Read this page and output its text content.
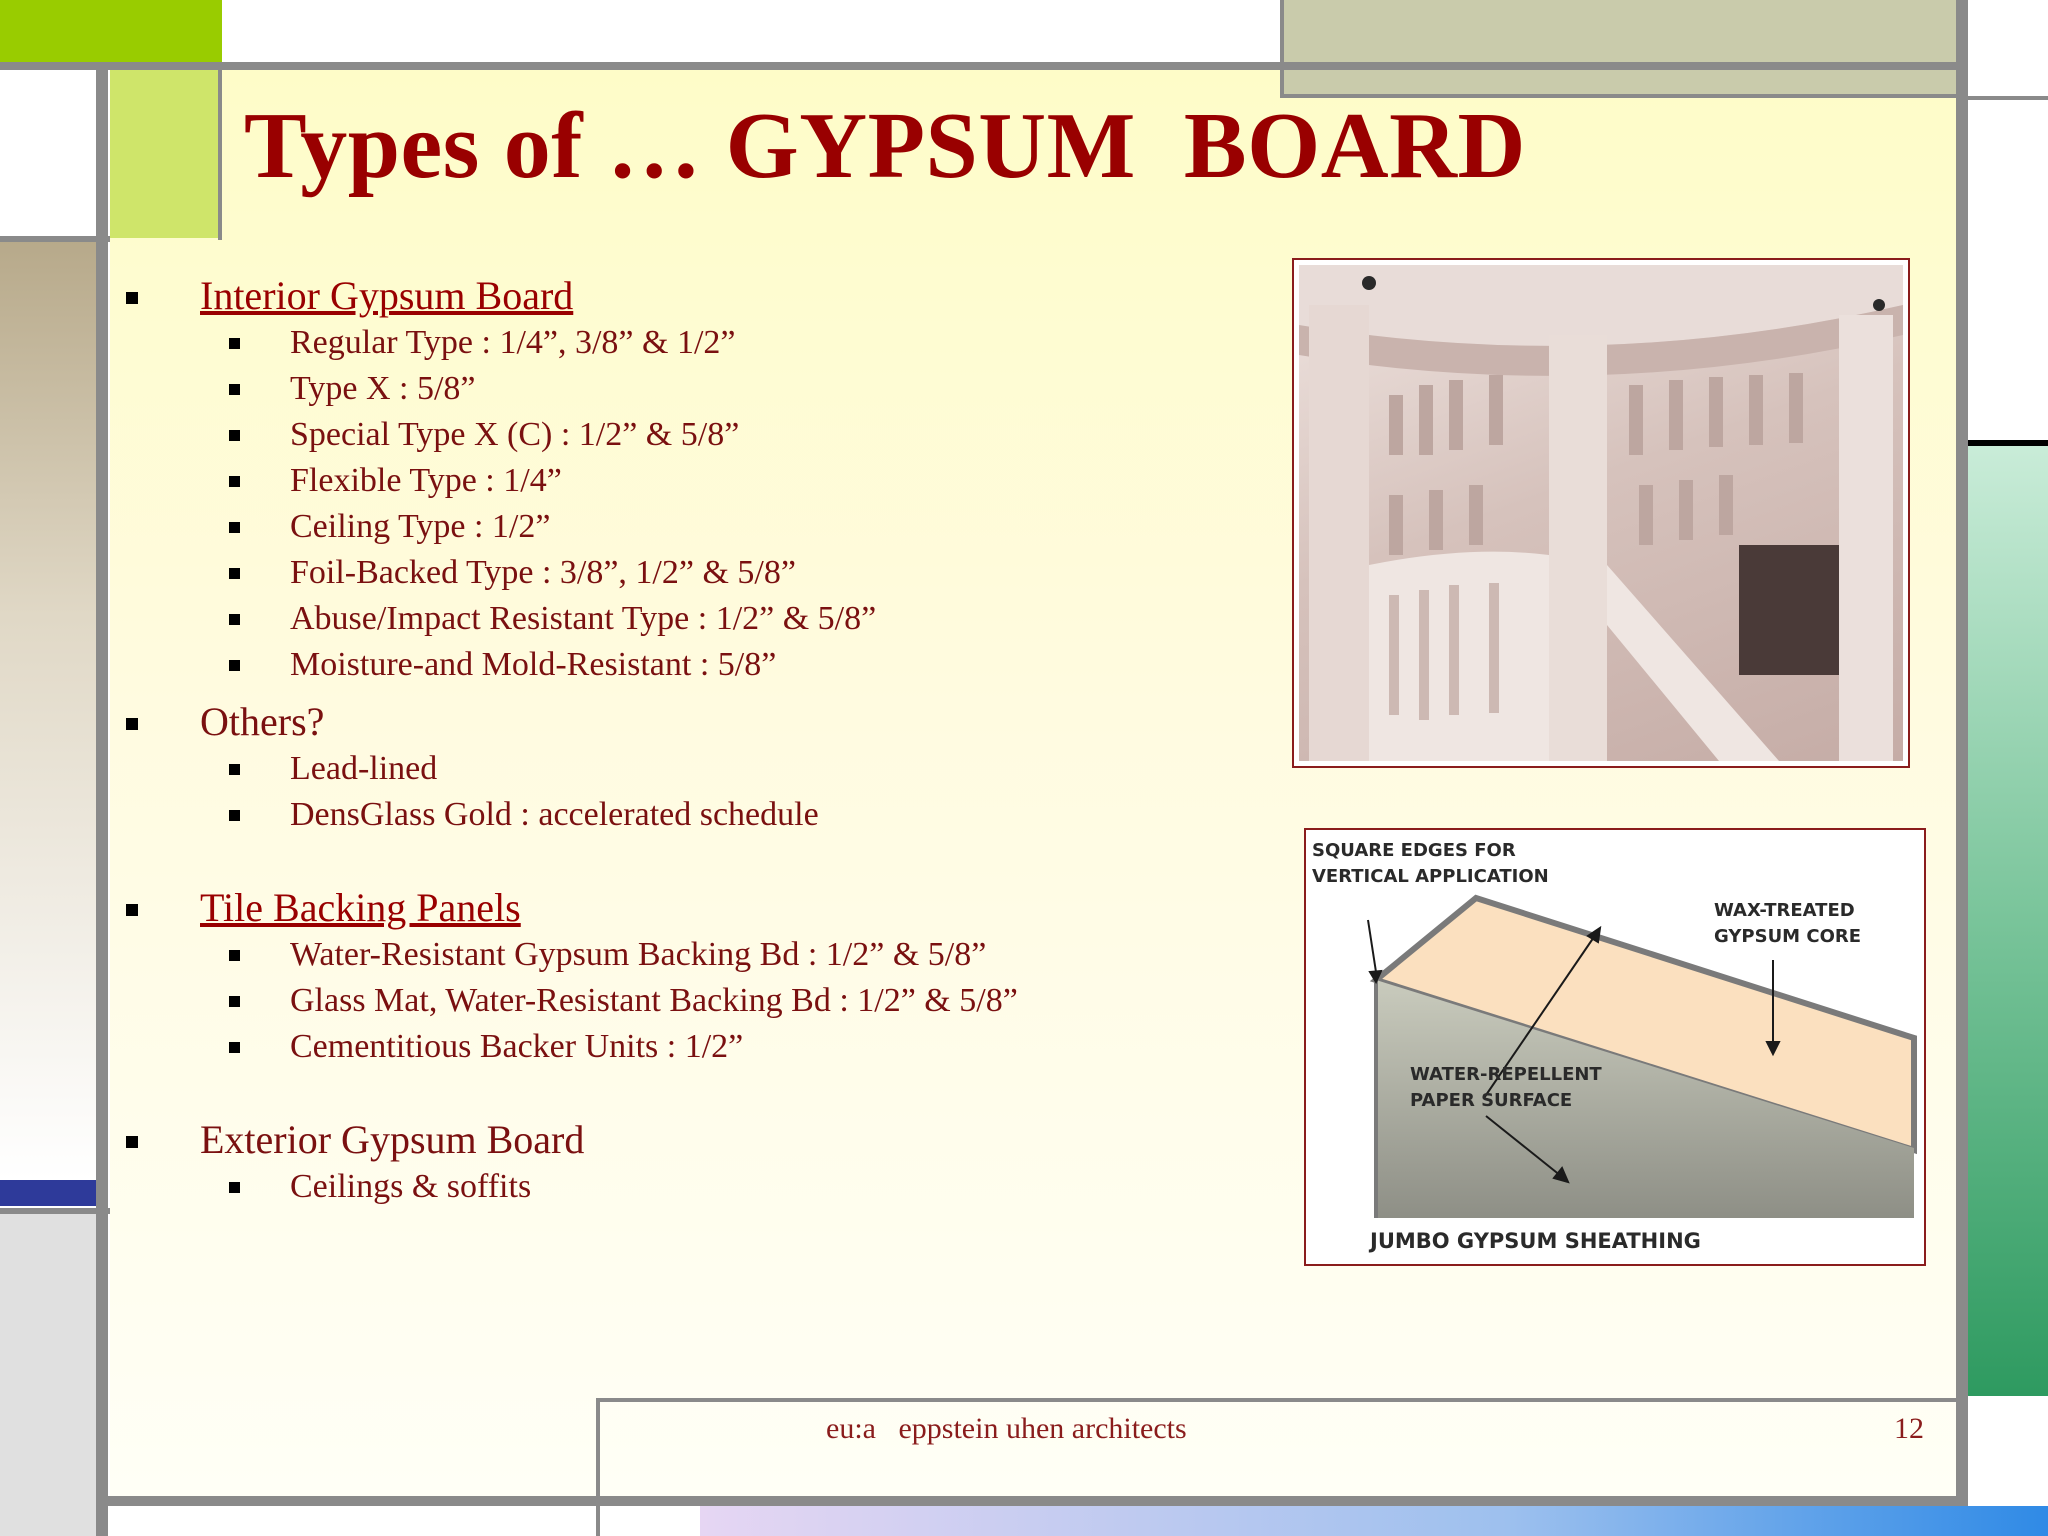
Types of … GYPSUM  BOARD
Interior Gypsum Board
Regular Type : 1/4”, 3/8” & 1/2”
Type X : 5/8”
Special Type X (C) : 1/2” & 5/8”
Flexible Type : 1/4”
Ceiling Type : 1/2”
Foil-Backed Type : 3/8”, 1/2” & 5/8”
Abuse/Impact Resistant Type : 1/2” & 5/8”
Moisture-and Mold-Resistant : 5/8”
Others?
Lead-lined
DensGlass Gold : accelerated schedule
Tile Backing Panels
Water-Resistant Gypsum Backing Bd : 1/2” & 5/8”
Glass Mat, Water-Resistant Backing Bd : 1/2” & 5/8”
Cementitious Backer Units : 1/2”
Exterior Gypsum Board
Ceilings & soffits
SQUARE EDGES FOR
VERTICAL APPLICATION
WAX-TREATED
GYPSUM CORE
WATER-REPELLENT
PAPER SURFACE
JUMBO GYPSUM SHEATHING
eu:a   eppstein uhen architects	12
